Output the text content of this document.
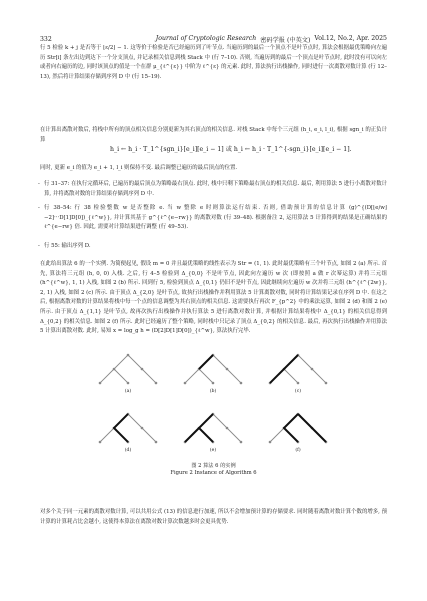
332	Journal of Cryptologic Research 密码学报 (中英文) Vol.12, No.2, Apr. 2025
行 5 检验 k + j 是否等于 ⌊ε/2⌋ − 1. 这等价于检验是否已经遍历到了叶节点. 当遍历到的最后一个顶点不是叶节点时, 算法会根据最优策略向左遍历 Str[i] 条左出边到达下一个分支顶点, 并记录相关信息到栈 Stack 中 (行 7–10). 否则, 当遍历到的最后一个顶点是叶节点时, 此时没有可以向左或者向右遍历的边, 同时该顶点的值是一个在群 μ_{ℓ^{ε}} 中阶为 ℓ^{ε} 的元素. 此时, 算法执行出栈操作, 同时进行一次离散对数计算 (行 12–13), 然后将计算结果存储到序列 D 中 (行 15–19).
在计算出离散对数后, 将栈中所有的顶点相关信息分别更新为其右顶点的相关信息. 对栈 Stack 中每个三元组 (h_i, e_i, l_i), 根据 sgn_i 的正负计算
h_i ← h_i · T_1^{sgn_i}[e_i][e_i − 1] 或 h_i ← h_i · T_1^{-sgn_i}[e_i][e_i − 1].
同时, 更新 e_i 的值为 e_i + 1, l_i 则保持不变. 最后调整已遍历的最后顶点的位置.
- 行 31–37: 在执行完循环后, 已遍历的最后顶点为策略最右顶点. 此时, 栈中只剩下策略最右顶点的相关信息. 最后, 利用算法 5 进行小离散对数计算, 并将离散对数的计算结果存储到序列 D 中.
- 行 38–54: 行 38 检验整数 w 是否整除 e. 当 w 整除 e 时则算法运行结束. 否则, 借助预计算的信息计算 (g)^{(D[⌊e/w⌋−2]···D[1]D[0])_{ℓ^w}}, 并计算其基于 g^{ℓ^{e−rw}} 的离散对数 (行 39–48). 根据备注 2, 运用算法 5 计算得到的结果是正确结果的 ℓ^{e−rw} 倍. 因此, 需要对计算结果进行调整 (行 49–53).
- 行 55: 输出序列 D.
在此给出算法 6 的一个实例. 为简便起见, 假设 m = 0 并且最优策略的线性表示为 Str = (1, 1). 此时最优策略有三个叶节点, 如图 2 (a) 所示. 首先, 算法将三元组 (h, 0, 0) 入栈. 之后, 行 4–5 检验到 Δ_{0,0} 不是叶节点, 因此向左遍历 w 次 (即按照 a 做 r 次幂运算) 并将三元组 (h^{ℓ^w}, 1, 1) 入栈, 如图 2 (b) 所示. 回到行 5, 检验到顶点 Δ_{0,1} 仍旧不是叶节点, 因此继续向左遍历 w 次并将三元组 (h^{ℓ^{2w}}, 2, 1) 入栈, 如图 2 (c) 所示. 由于顶点 Δ_{2,0} 是叶节点, 故执行出栈操作并利用算法 5 计算离散对数, 同时将计算结果记录在序列 D 中. 在这之后, 根据离散对数的计算结果将栈中每一个点的信息调整为其右顶点的相关信息. 这需要执行再次 F_{p^2} 中的乘法运算, 如图 2 (d) 和图 2 (e) 所示. 由于顶点 Δ_{1,1} 是叶节点, 故再次执行出栈操作并执行算法 5 进行离散对数计算, 并根据计算结果将栈中 Δ_{0,1} 的相关信息得到 Δ_{0,2} 的相关信息. 如图 2 (f) 所示. 此时已经遍历了整个策略, 同时栈中只记录了顶点 Δ_{0,2} 的相关信息. 最后, 再次执行出栈操作并用算法 5 计算出离散对数. 此时, 易知 x = log_g h = (D[2]D[1]D[0])_{ℓ^w}, 算法执行完毕.
(a)	(b)	(c)
(d)	(e)	(f)
图 2 算法 6 的实例
Figure 2 Instance of Algorithm 6
对多个关于同一元素的离散对数计算, 可以共用公式 (13) 的信息进行加速, 所以不会增加预计算的存储要求. 同时随着离散对数计算个数的增多, 预计算的计算耗占比会越小, 这使得本算法在离散对数计算次数越多时会更具优势.
